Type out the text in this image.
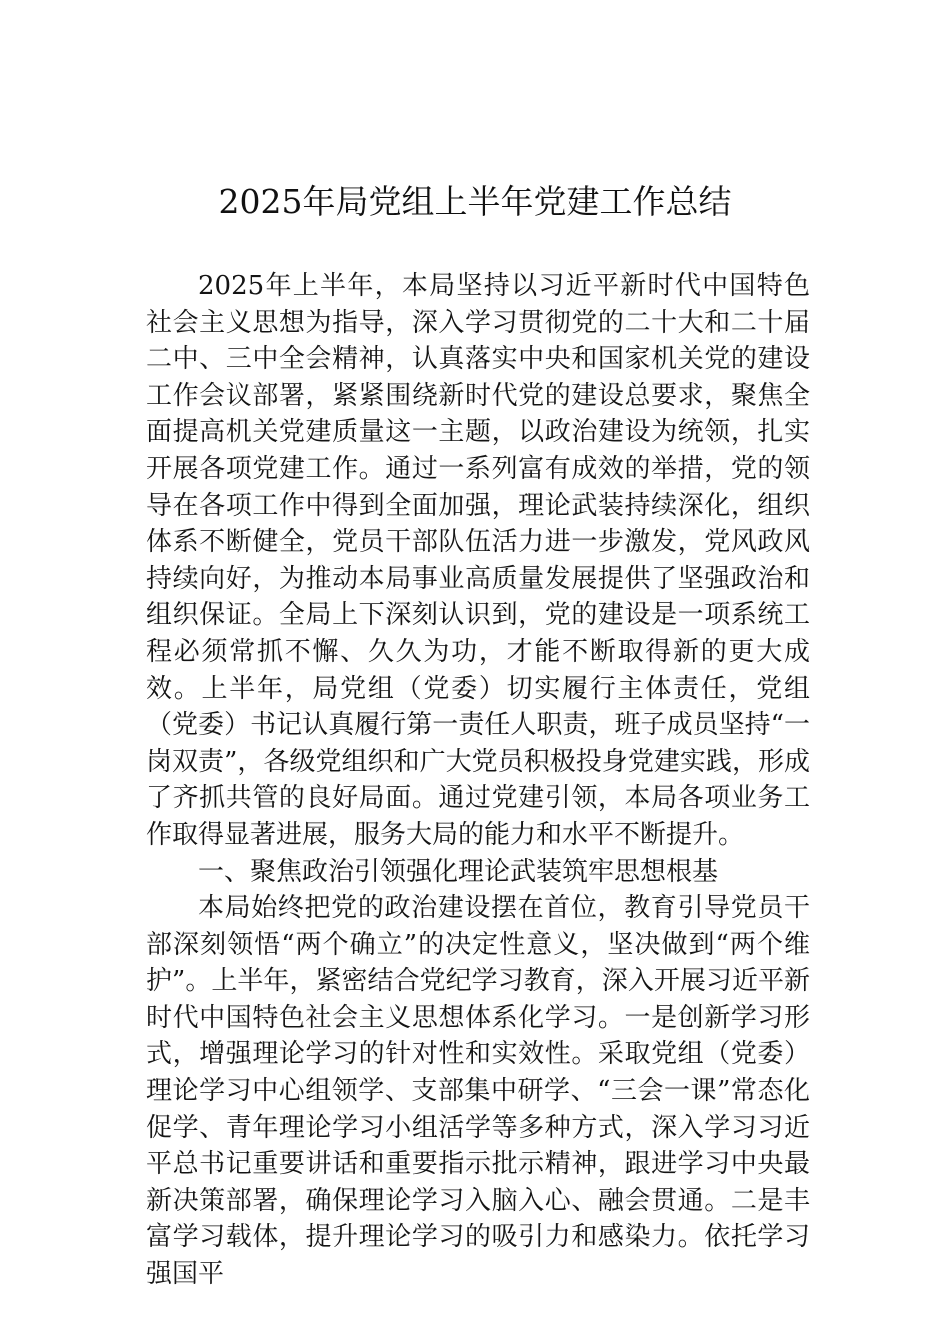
2025年局党组上半年党建工作总结

2025年上半年，本局坚持以习近平新时代中国特色社会主义思想为指导，深入学习贯彻党的二十大和二十届二中、三中全会精神，认真落实中央和国家机关党的建设工作会议部署，紧紧围绕新时代党的建设总要求，聚焦全面提高机关党建质量这一主题，以政治建设为统领，扎实开展各项党建工作。通过一系列富有成效的举措，党的领导在各项工作中得到全面加强，理论武装持续深化，组织体系不断健全，党员干部队伍活力进一步激发，党风政风持续向好，为推动本局事业高质量发展提供了坚强政治和组织保证。全局上下深刻认识到，党的建设是一项系统工程必须常抓不懈、久久为功，才能不断取得新的更大成效。上半年，局党组（党委）切实履行主体责任，党组（党委）书记认真履行第一责任人职责，班子成员坚持“一岗双责”，各级党组织和广大党员积极投身党建实践，形成了齐抓共管的良好局面。通过党建引领，本局各项业务工作取得显著进展，服务大局的能力和水平不断提升。

一、聚焦政治引领强化理论武装筑牢思想根基

本局始终把党的政治建设摆在首位，教育引导党员干部深刻领悟“两个确立”的决定性意义，坚决做到“两个维护”。上半年，紧密结合党纪学习教育，深入开展习近平新时代中国特色社会主义思想体系化学习。一是创新学习形式，增强理论学习的针对性和实效性。采取党组（党委）理论学习中心组领学、支部集中研学、“三会一课”常态化促学、青年理论学习小组活学等多种方式，深入学习习近平总书记重要讲话和重要指示批示精神，跟进学习中央最新决策部署，确保理论学习入脑入心、融会贯通。二是丰富学习载体，提升理论学习的吸引力和感染力。依托学习强国平
